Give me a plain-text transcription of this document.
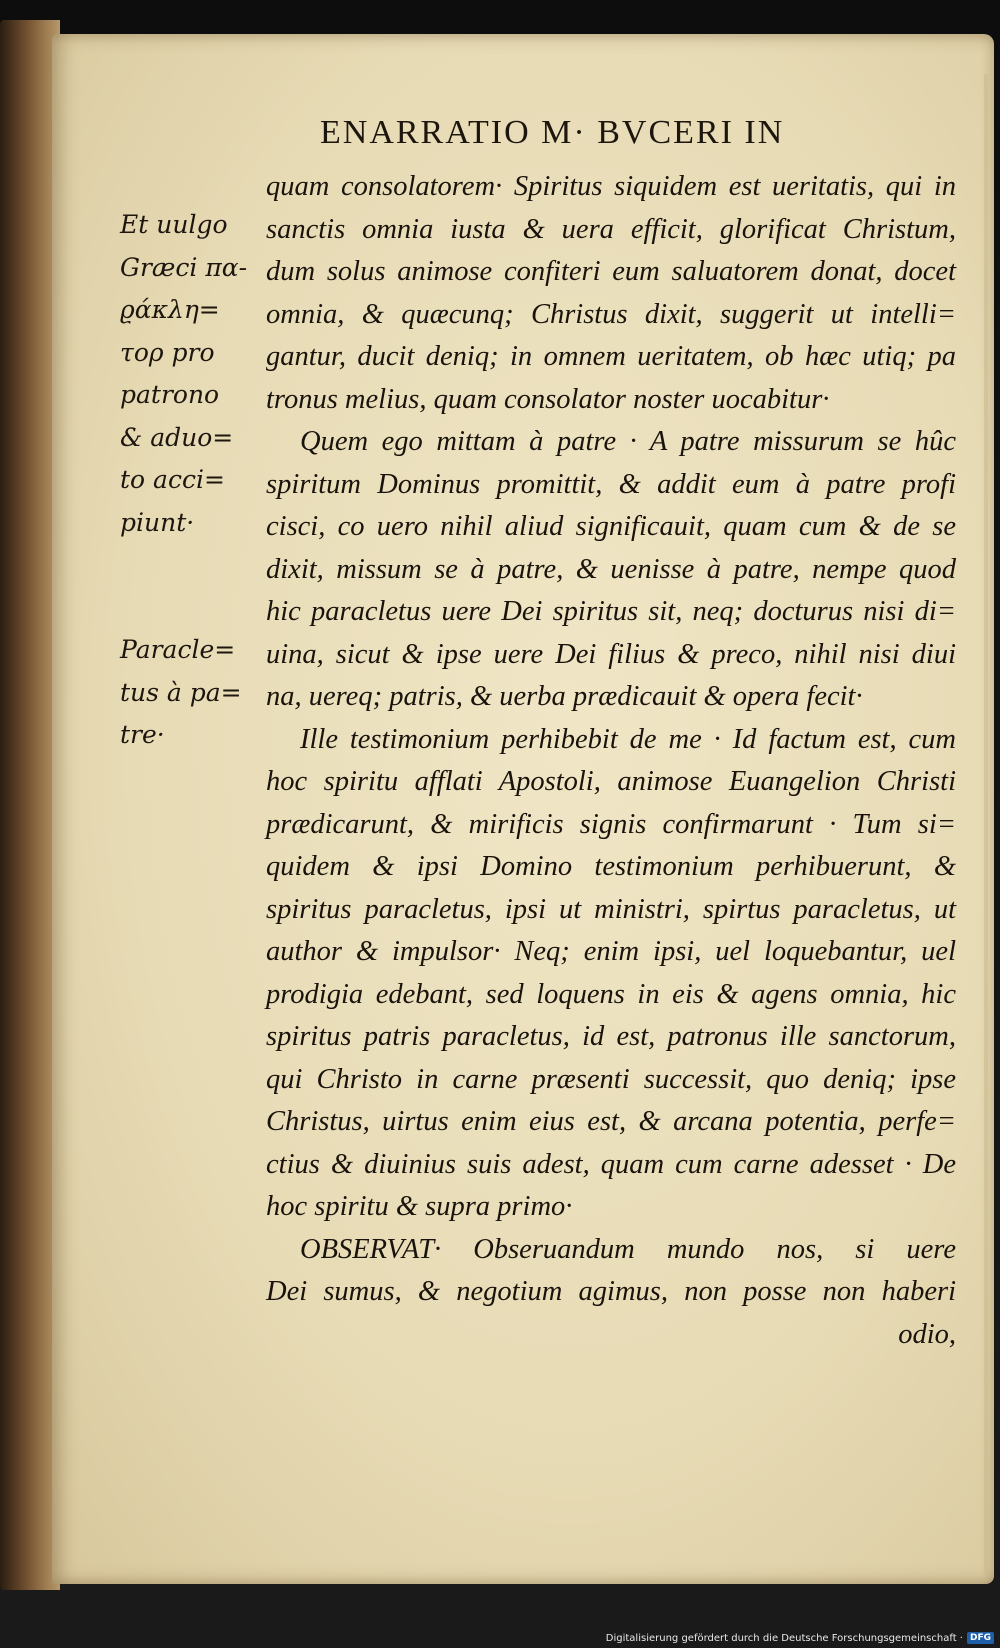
ENARRATIO M· BVCERI IN
Et uulgo
Græci πα-
ϱάκλη=
τορ pro
patrono
& aduo=
to acci=
piunt·
Paracle=
tus à pa=
tre·
quam consolatorem· Spiritus siquidem est ueritatis, qui in
sanctis omnia iusta & uera efficit, glorificat Christum,
dum solus animose confiteri eum saluatorem donat, docet
omnia, & quæcunq; Christus dixit, suggerit ut intelli=
gantur, ducit deniq; in omnem ueritatem, ob hæc utiq; pa
tronus melius, quam consolator noster uocabitur·
Quem ego mittam à patre · A patre missurum se hûc
spiritum Dominus promittit, & addit eum à patre profi
cisci, co uero nihil aliud significauit, quam cum & de se
dixit, missum se à patre, & uenisse à patre, nempe quod
hic paracletus uere Dei spiritus sit, neq; docturus nisi di=
uina, sicut & ipse uere Dei filius & preco, nihil nisi diui
na, uereq; patris, & uerba prædicauit & opera fecit·
Ille testimonium perhibebit de me · Id factum est, cum
hoc spiritu afflati Apostoli, animose Euangelion Christi
prædicarunt, & mirificis signis confirmarunt · Tum si=
quidem & ipsi Domino testimonium perhibuerunt, &
spiritus paracletus, ipsi ut ministri, spirtus paracletus, ut
author & impulsor· Neq; enim ipsi, uel loquebantur, uel
prodigia edebant, sed loquens in eis & agens omnia, hic
spiritus patris paracletus, id est, patronus ille sanctorum,
qui Christo in carne præsenti successit, quo deniq; ipse
Christus, uirtus enim eius est, & arcana potentia, perfe=
ctius & diuinius suis adest, quam cum carne adesset · De
hoc spiritu & supra primo·
OBSERVAT· Obseruandum mundo nos, si uere
Dei sumus, & negotium agimus, non posse non haberi
odio,
Digitalisierung gefördert durch die Deutsche Forschungsgemeinschaft · DFG
